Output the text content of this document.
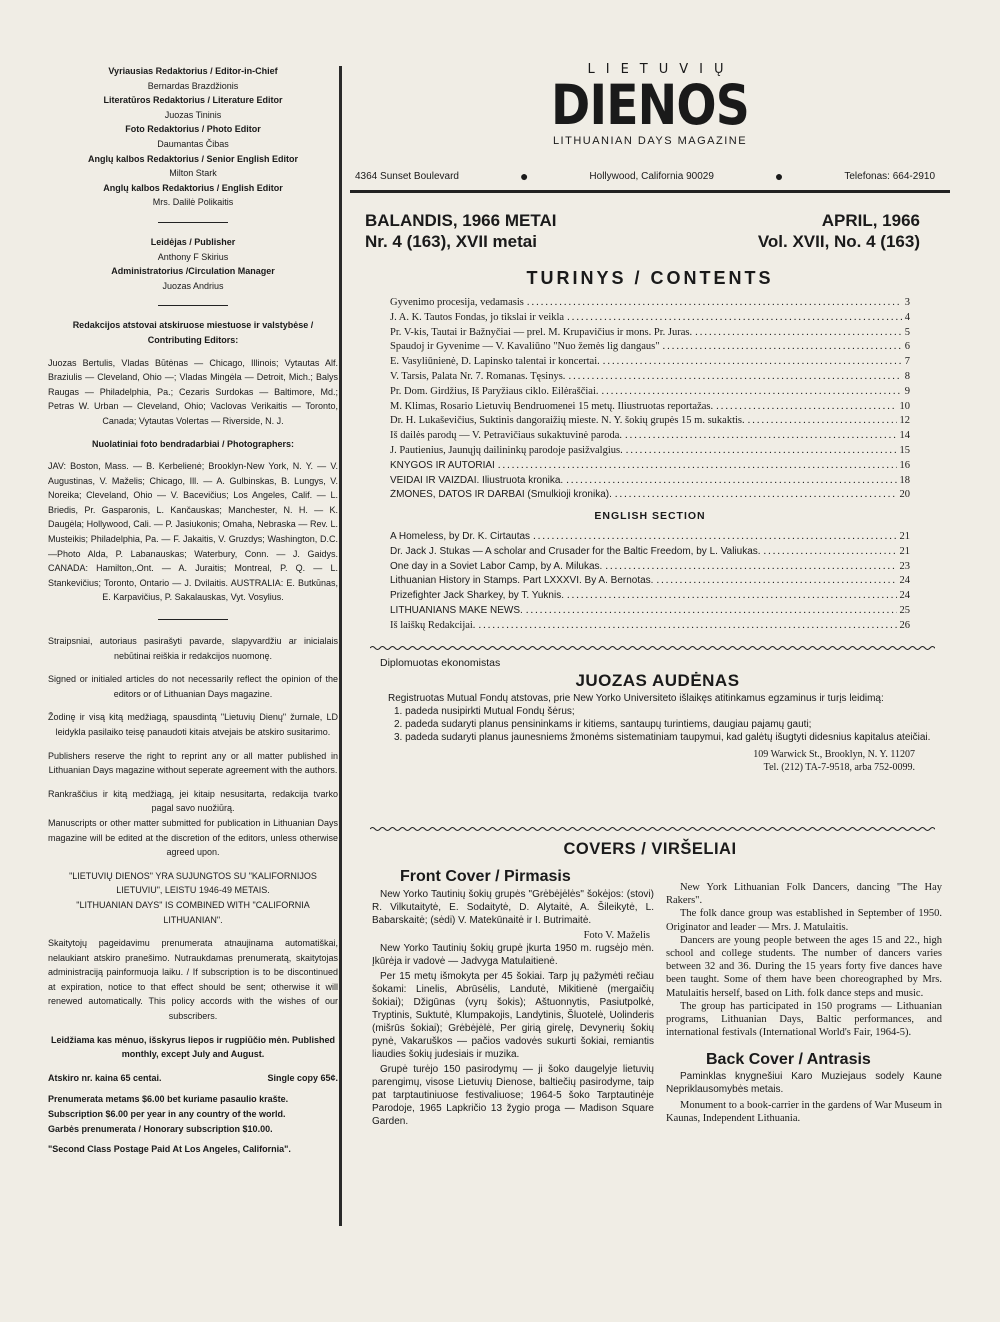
Vyriausias Redaktorius / Editor-in-Chief
Bernardas Brazdžionis
Literatūros Redaktorius / Literature Editor
Juozas Tininis
Foto Redaktorius / Photo Editor
Daumantas Čibas
Anglų kalbos Redaktorius / Senior English Editor
Milton Stark
Anglų kalbos Redaktorius / English Editor
Mrs. Dalilė Polikaitis
Leidėjas / Publisher
Anthony F Skirius
Administratorius /Circulation Manager
Juozas Andrius
Redakcijos atstovai atskiruose miestuose ir valstybėse / Contributing Editors:
Juozas Bertulis, Vladas Būtėnas — Chicago, Illinois; Vytautas Alf. Braziulis — Cleveland, Ohio —; Vladas Mingėla — Detroit, Mich.; Balys Raugas — Philadelphia, Pa.; Cezaris Surdokas — Baltimore, Md.; Petras W. Urban — Cleveland, Ohio; Vaclovas Verikaitis — Toronto, Canada; Vytautas Volertas — Riverside, N. J.
Nuolatiniai foto bendradarbiai / Photographers:
JAV: Boston, Mass. — B. Kerbelienė; Brooklyn-New York, N. Y. — V. Augustinas, V. Maželis; Chicago, Ill. — A. Gulbinskas, B. Lungys, V. Noreika; Cleveland, Ohio — V. Bacevičius; Los Angeles, Calif. — L. Briedis, Pr. Gasparonis, L. Kančauskas; Manchester, N. H. — K. Daugėla; Hollywood, Cali. — P. Jasiukonis; Omaha, Nebraska — Rev. L. Musteikis; Philadelphia, Pa. — F. Jakaitis, V. Gruzdys; Washington, D.C. —Photo Alda, P. Labanauskas; Waterbury, Conn. — J. Gaidys. CANADA: Hamilton,.Ont. — A. Juraitis; Montreal, P. Q. — L. Stankevičius; Toronto, Ontario — J. Dvilaitis. AUSTRALIA: E. Butkūnas, E. Karpavičius, P. Sakalauskas, Vyt. Vosylius.
Straipsniai, autoriaus pasirašyti pavarde, slapyvardžiu ar inicialais nebūtinai reiškia ir redakcijos nuomonę.
Signed or initialed articles do not necessarily reflect the opinion of the editors or of Lithuanian Days magazine.
Žodinę ir visą kitą medžiagą, spausdintą "Lietuvių Dienų" žurnale, LD leidykla pasilaiko teisę panaudoti kitais atvejais be atskiro susitarimo.
Publishers reserve the right to reprint any or all matter published in Lithuanian Days magazine without seperate agreement with the authors.
Rankraščius ir kitą medžiagą, jei kitaip nesusitarta, redakcija tvarko pagal savo nuožiūrą.
Manuscripts or other matter submitted for publication in Lithuanian Days magazine will be edited at the discretion of the editors, unless otherwise agreed upon.
"LIETUVIŲ DIENOS" YRA SUJUNGTOS SU "KALIFORNIJOS LIETUVIU", LEISTU 1946-49 METAIS.
"LITHUANIAN DAYS" IS COMBINED WITH "CALIFORNIA LITHUANIAN".
Skaitytojų pageidavimu prenumerata atnaujinama automatiškai, nelaukiant atskiro pranešimo. Nutraukdamas prenumeratą, skaitytojas administraciją painformuoja laiku. / If subscription is to be discontinued at expiration, notice to that effect should be sent; otherwise it will renewed automatically. This policy accords with the wishes of our subscribers.
Leidžiama kas mėnuo, išskyrus liepos ir rugpiūčio mėn. Published monthly, except July and August.
Atskiro nr. kaina 65 centai.	Single copy 65¢.
Prenumerata metams $6.00 bet kuriame pasaulio krašte.
Subscription $6.00 per year in any country of the world.
Garbės prenumerata / Honorary subscription $10.00.
"Second Class Postage Paid At Los Angeles, California".
LIETUVIŲ
DIENOS
LITHUANIAN DAYS MAGAZINE
4364 Sunset Boulevard	●	Hollywood, California 90029	●	Telefonas: 664-2910
BALANDIS, 1966 METAI	APRIL, 1966
Nr. 4 (163), XVII metai	Vol. XVII, No. 4 (163)
TURINYS / CONTENTS
Gyvenimo procesija, vedamasis .....	3
J. A. K. Tautos Fondas, jo tikslai ir veikla .....	4
Pr. V-kis, Tautai ir Bažnyčiai — prel. M. Krupavičius ir mons. Pr. Juras. .....	5
Spaudoj ir Gyvenime — V. Kavaliūno "Nuo žemės lig dangaus" .....	6
E. Vasyliūnienė, D. Lapinsko talentai ir koncertai. .....	7
V. Tarsis, Palata Nr. 7. Romanas. Tęsinys. .....	8
Pr. Dom. Girdžius, Iš Paryžiaus ciklo. Eilėraščiai. .....	9
M. Klimas, Rosario Lietuvių Bendruomenei 15 metų. Iliustruotas reportažas. .....	10
Dr. H. Lukaševičius, Suktinis dangoraižių mieste. N. Y. šokių grupės 15 m. sukaktis. .....	12
Iš dailės parodų — V. Petravičiaus sukaktuvinė paroda. .....	14
J. Pautienius, Jaunųjų dailininkų parodoje pasižvalgius. .....	15
KNYGOS IR AUTORIAI .....	16
VEIDAI IR VAIZDAI. Iliustruota kronika. .....	18
ŽMONĖS, DATOS IR DARBAI (Smulkioji kronika). .....	20
ENGLISH SECTION
A Homeless, by Dr. K. Cirtautas .....	21
Dr. Jack J. Stukas — A scholar and Crusader for the Baltic Freedom, by L. Valiukas. .....	21
One day in a Soviet Labor Camp, by A. Milukas. .....	23
Lithuanian History in Stamps. Part LXXXVI. By A. Bernotas. .....	24
Prizefighter Jack Sharkey, by T. Yuknis. .....	24
LITHUANIANS MAKE NEWS. .....	25
Iš laiškų Redakcijai. .....	26
Diplomuotas ekonomistas
JUOZAS AUDĖNAS
Registruotas Mutual Fondų atstovas, prie New Yorko Universiteto išlaikęs atitinkamus egzaminus ir turįs leidimą:
1. padeda nusipirkti Mutual Fondų šėrus;
2. padeda sudaryti planus pensininkams ir kitiems, santaupų turintiems, daugiau pajamų gauti;
3. padeda sudaryti planus jaunesniems žmonėms sistematiniam taupymui, kad galėtų išugtyti didesnius kapitalus ateičiai.
109 Warwick St., Brooklyn, N. Y. 11207
Tel. (212) TA-7-9518, arba 752-0099.
COVERS / VIRŠELIAI
Front Cover / Pirmasis

New Yorko Tautinių šokių grupės "Grėbėjėlės" šokėjos: (stovi) R. Vilkutaitytė, E. Sodaitytė, D. Alytaitė, A. Šileikytė, L. Babarskaitė; (sėdi) V. Matekūnaitė ir I. Butrimaitė.

Foto V. Maželis

New Yorko Tautinių šokių grupė įkurta 1950 m. rugsėjo mėn. Įkūrėja ir vadovė — Jadvyga Matulaitienė.

Per 15 metų išmokyta per 45 šokiai. Tarp jų pažymėti rečiau šokami: Linelis, Abrūsėlis, Landutė, Mikitienė (mergaičių šokiai); Džigūnas (vyrų šokis); Aštuonnytis, Pasiutpolkė, Tryptinis, Suktutė, Klumpakojis, Landytinis, Šluotelė, Uolinderis (mišrūs šokiai); Grėbėjėlė, Per girią girelę, Devynerių šokių pynė, Vakaruškos — pačios vadovės sukurti šokiai, remiantis liaudies šokių judesiais ir muzika.

Grupė turėjo 150 pasirodymų — ji šoko daugelyje lietuvių parengimų, visose Lietuvių Dienose, baltiečių pasirodyme, taip pat tarptautiniuose festivaliuose; 1964-5 šoko Tarptautinėje Parodoje, 1965 Lapkričio 13 žygio proga — Madison Square Garden.

New York Lithuanian Folk Dancers, dancing "The Hay Rakers".

The folk dance group was established in September of 1950. Originator and leader — Mrs. J. Matulaitis.

Dancers are young people between the ages 15 and 22., high school and college students. The number of dancers varies between 32 and 36. During the 15 years forty five dances have been taught. Some of them have been choreographed by Mrs. Matulaitis herself, based on Lith. folk dance steps and music.

The group has participated in 150 programs — Lithuanian programs, Lithuanian Days, Baltic performances, and international festivals (International World's Fair, 1964-5).

Back Cover / Antrasis

Paminklas knygnešiui Karo Muziejaus sodely Kaune Nepriklausomybės metais.

Monument to a book-carrier in the gardens of War Museum in Kaunas, Independent Lithuania.
